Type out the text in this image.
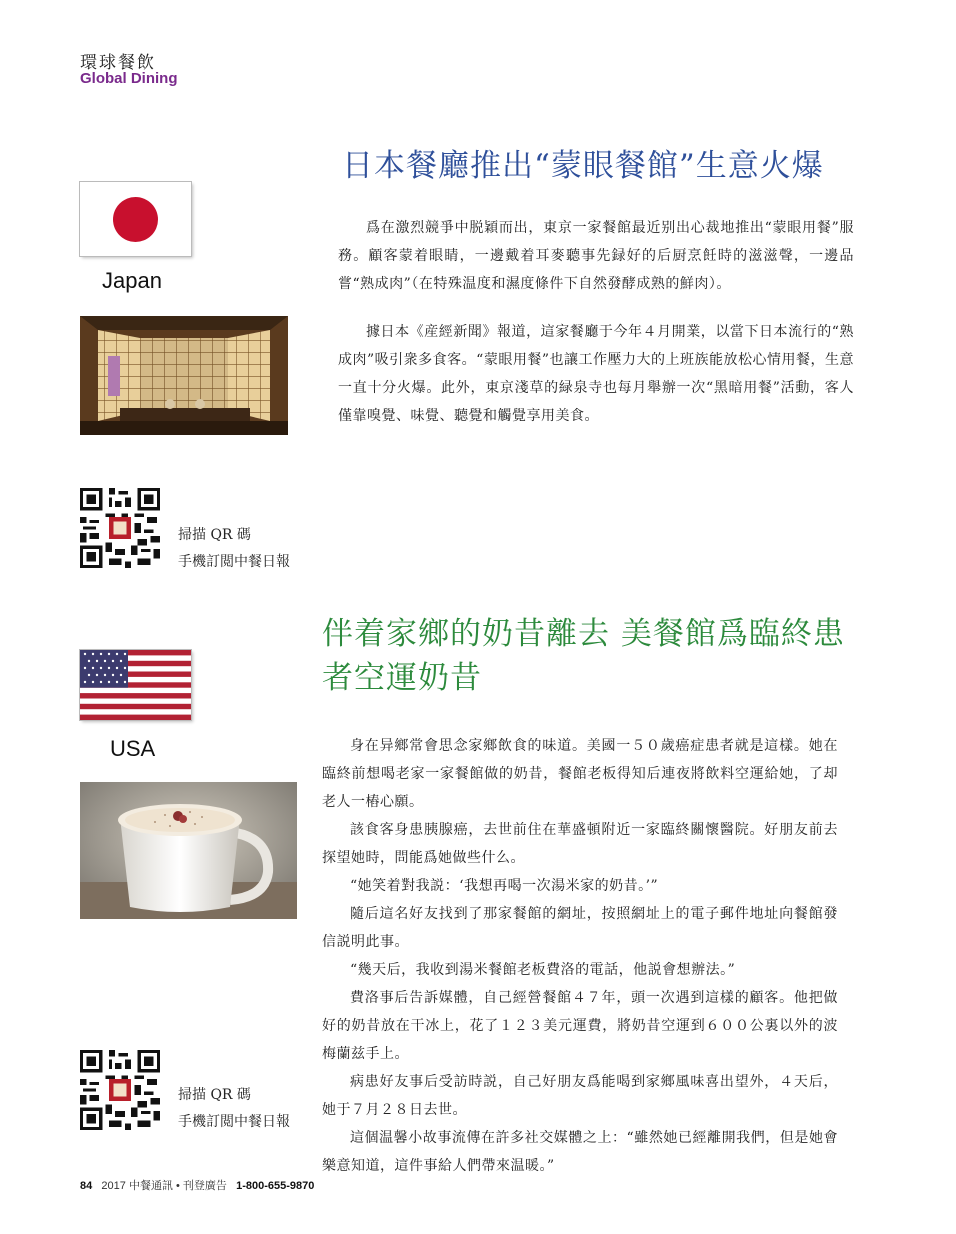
環球餐飲
Global Dining
日本餐廳推出“蒙眼餐館”生意火爆
Japan

爲在激烈競爭中脱穎而出，東京一家餐館最近别出心裁地推出“蒙眼用餐”服務。顧客蒙着眼睛，一邊戴着耳麥聽事先録好的后厨烹飪時的滋滋聲，一邊品嘗“熟成肉”（在特殊温度和濕度條件下自然發酵成熟的鮮肉）。

據日本《産經新聞》報道，這家餐廳于今年４月開業，以當下日本流行的“熟成肉”吸引衆多食客。“蒙眼用餐”也讓工作壓力大的上班族能放松心情用餐，生意一直十分火爆。此外，東京淺草的緑泉寺也每月舉辦一次“黑暗用餐”活動，客人僅靠嗅覺、味覺、聽覺和觸覺享用美食。

掃描 QR 碼
手機訂閲中餐日報
伴着家鄉的奶昔離去 美餐館爲臨終患者空運奶昔
USA	身在异鄉常會思念家鄉飲食的味道。美國一５０歲癌症患者就是這樣。她在臨終前想喝老家一家餐館做的奶昔，餐館老板得知后連夜將飲料空運給她，了却老人一樁心願。

該食客身患胰腺癌，去世前住在華盛頓附近一家臨終關懷醫院。好朋友前去探望她時，問能爲她做些什么。

“她笑着對我説：‘我想再喝一次湯米家的奶昔。’”

隨后這名好友找到了那家餐館的網址，按照網址上的電子郵件地址向餐館發信説明此事。

“幾天后，我收到湯米餐館老板費洛的電話，他説會想辦法。”

費洛事后告訴媒體，自己經營餐館４７年，頭一次遇到這樣的顧客。他把做好的奶昔放在干冰上，花了１２３美元運費，將奶昔空運到６００公裏以外的波梅蘭兹手上。

病患好友事后受訪時説，自己好朋友爲能喝到家鄉風味喜出望外，４天后，她于７月２８日去世。

這個温馨小故事流傳在許多社交媒體之上：“雖然她已經離開我們，但是她會樂意知道，這件事給人們帶來温暖。”

掃描 QR 碼
手機訂閲中餐日報
84 2017 中餐通訊 • 刊登廣告 1-800-655-9870
